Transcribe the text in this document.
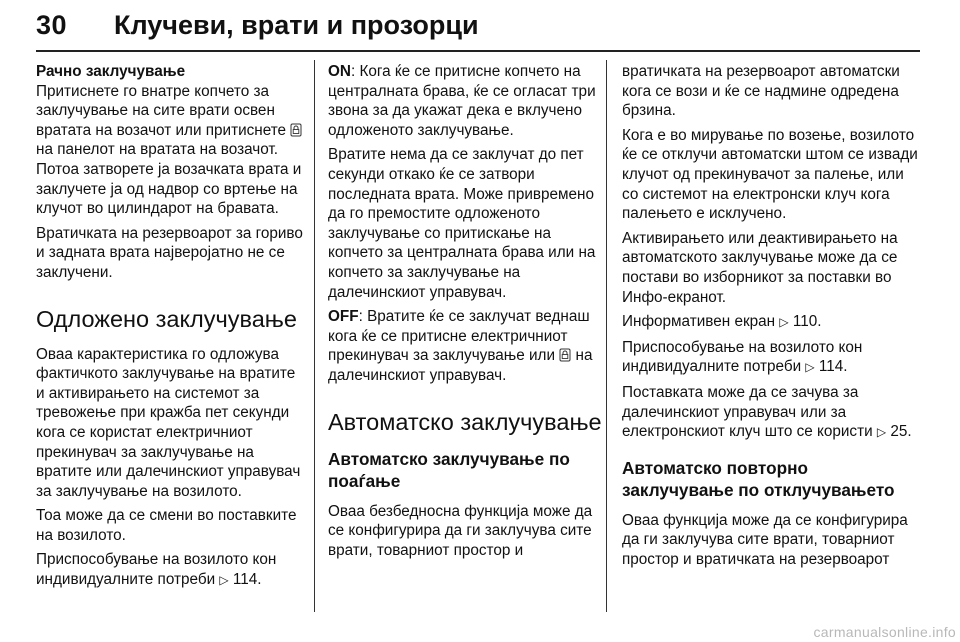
30 Клучеви, врати и прозорци

Рачно заклучување

Притиснете го внатре копчето за заклучување на сите врати освен вратата на возачот или притиснете  на панелот на вратата на возачот. Потоа затворете ја возачката врата и заклучете ја од надвор со вртење на клучот во цилиндарот на бравата.

Вратичката на резервоарот за гориво и задната врата најверојатно не се заклучени.

Одложено заклучување

Оваа карактеристика го одложува фактичкото заклучување на вратите и активирањето на системот за тревожење при кражба пет секунди кога се користат електричниот прекинувач за заклучување на вратите или далечинскиот управувач за заклучување на возилото.

Тоа може да се смени во поставките на возилото.

Приспособување на возилото кон индивидуалните потреби ▷ 114.

ON: Кога ќе се притисне копчето на централната брава, ќе се огласат три звона за да укажат дека е вклучено одложеното заклучување.

Вратите нема да се заклучат до пет секунди откако ќе се затвори последната врата. Може привремено да го премостите одложеното заклучување со притискање на копчето за централната брава или на копчето за заклучување на далечинскиот управувач.

OFF: Вратите ќе се заклучат веднаш кога ќе се притисне електричниот прекинувач за заклучување или на далечинскиот управувач.

Автоматско заклучување

Автоматско заклучување по поаѓање

Оваа безбедносна функција може да се конфигурира да ги заклучува сите врати, товарниот простор и

вратичката на резервоарот автоматски кога се вози и ќе се надмине одредена брзина.

Кога е во мирување по возење, возилото ќе се отклучи автоматски штом се извади клучот од прекинувачот за палење, или со системот на електронски клуч кога палењето е исклучено.

Активирањето или деактивирањето на автоматското заклучување може да се постави во изборникот за поставки во Инфо-екранот.

Информативен екран ▷ 110.

Приспособување на возилото кон индивидуалните потреби ▷ 114.

Поставката може да се зачува за далечинскиот управувач или за електронскиот клуч што се користи ▷ 25.

Автоматско повторно заклучување по отклучувањето

Оваа функција може да се конфигурира да ги заклучува сите врати, товарниот простор и вратичката на резервоарот

carmanualsonline.info
